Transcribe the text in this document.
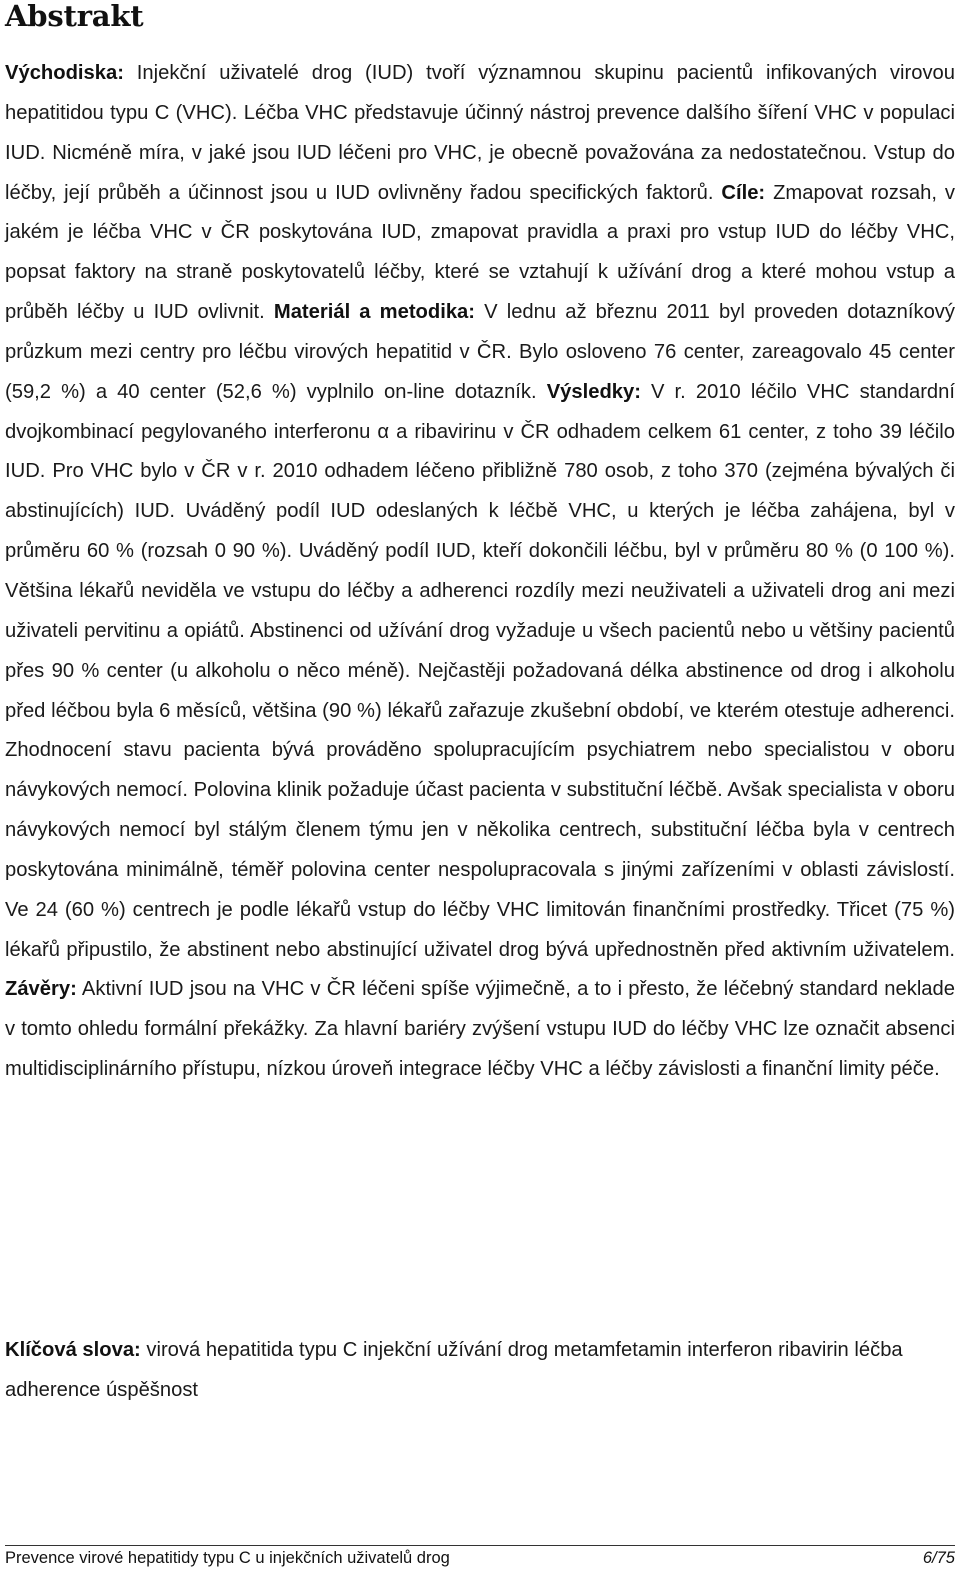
Abstrakt

Východiska: Injekční uživatelé drog (IUD) tvoří významnou skupinu pacientů infikovaných virovou hepatitidou typu C (VHC). Léčba VHC představuje účinný nástroj prevence dalšího šíření VHC v populaci IUD. Nicméně míra, v jaké jsou IUD léčeni pro VHC, je obecně považována za nedostatečnou. Vstup do léčby, její průběh a účinnost jsou u IUD ovlivněny řadou specifických faktorů. Cíle: Zmapovat rozsah, v jakém je léčba VHC v ČR poskytována IUD, zmapovat pravidla a praxi pro vstup IUD do léčby VHC, popsat faktory na straně poskytovatelů léčby, které se vztahují k užívání drog a které mohou vstup a průběh léčby u IUD ovlivnit. Materiál a metodika: V lednu až březnu 2011 byl proveden dotazníkový průzkum mezi centry pro léčbu virových hepatitid v ČR. Bylo osloveno 76 center, zareagovalo 45 center (59,2 %) a 40 center (52,6 %) vyplnilo on-line dotazník. Výsledky: V r. 2010 léčilo VHC standardní dvojkombinací pegylovaného interferonu α a ribavirinu v ČR odhadem celkem 61 center, z toho 39 léčilo IUD. Pro VHC bylo v ČR v r. 2010 odhadem léčeno přibližně 780 osob, z toho 370 (zejména bývalých či abstinujících) IUD. Uváděný podíl IUD odeslaných k léčbě VHC, u kterých je léčba zahájena, byl v průměru 60 % (rozsah 0 90 %). Uváděný podíl IUD, kteří dokončili léčbu, byl v průměru 80 % (0 100 %). Většina lékařů neviděla ve vstupu do léčby a adherenci rozdíly mezi neuživateli a uživateli drog ani mezi uživateli pervitinu a opiátů. Abstinenci od užívání drog vyžaduje u všech pacientů nebo u většiny pacientů přes 90 % center (u alkoholu o něco méně). Nejčastěji požadovaná délka abstinence od drog i alkoholu před léčbou byla 6 měsíců, většina (90 %) lékařů zařazuje zkušební období, ve kterém otestuje adherenci. Zhodnocení stavu pacienta bývá prováděno spolupracujícím psychiatrem nebo specialistou v oboru návykových nemocí. Polovina klinik požaduje účast pacienta v substituční léčbě. Avšak specialista v oboru návykových nemocí byl stálým členem týmu jen v několika centrech, substituční léčba byla v centrech poskytována minimálně, téměř polovina center nespolupracovala s jinými zařízeními v oblasti závislostí. Ve 24 (60 %) centrech je podle lékařů vstup do léčby VHC limitován finančními prostředky. Třicet (75 %) lékařů připustilo, že abstinent nebo abstinující uživatel drog bývá upřednostněn před aktivním uživatelem. Závěry: Aktivní IUD jsou na VHC v ČR léčeni spíše výjimečně, a to i přesto, že léčebný standard neklade v tomto ohledu formální překážky. Za hlavní bariéry zvýšení vstupu IUD do léčby VHC lze označit absenci multidisciplinárního přístupu, nízkou úroveň integrace léčby VHC a léčby závislosti a finanční limity péče.

Klíčová slova: virová hepatitida typu C injekční užívání drog metamfetamin interferon ribavirin léčba adherence úspěšnost

Prevence virové hepatitidy typu C u injekčních uživatelů drog	6/75
